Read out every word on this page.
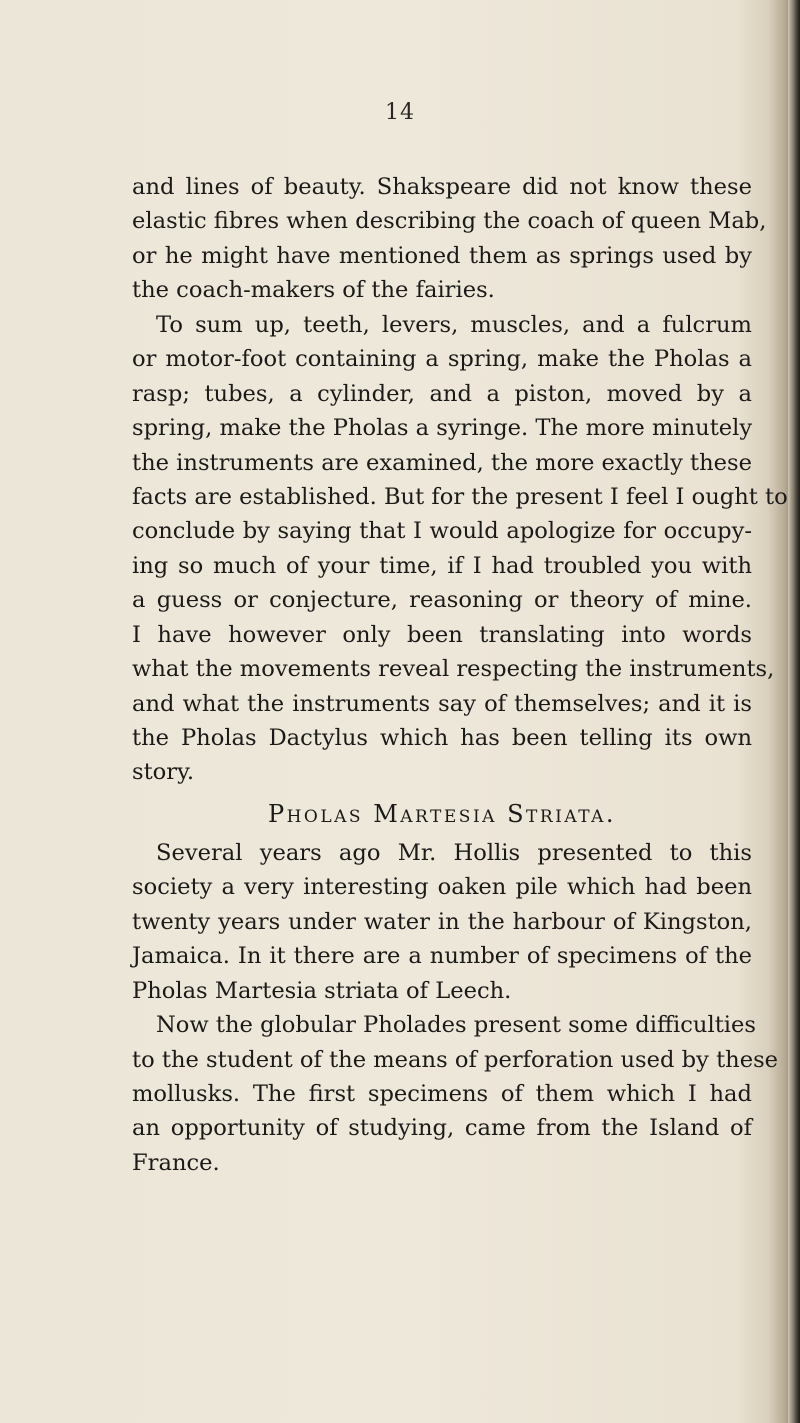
14
and lines of beauty. Shakspeare did not know these
elastic fibres when describing the coach of queen Mab,
or he might have mentioned them as springs used by
the coach-makers of the fairies.
To sum up, teeth, levers, muscles, and a fulcrum
or motor-foot containing a spring, make the Pholas a
rasp; tubes, a cylinder, and a piston, moved by a
spring, make the Pholas a syringe. The more minutely
the instruments are examined, the more exactly these
facts are established. But for the present I feel I ought to
conclude by saying that I would apologize for occupy-
ing so much of your time, if I had troubled you with
a guess or conjecture, reasoning or theory of mine.
I have however only been translating into words
what the movements reveal respecting the instruments,
and what the instruments say of themselves; and it is
the Pholas Dactylus which has been telling its own
story.
Pholas Martesia Striata.
Several years ago Mr. Hollis presented to this
society a very interesting oaken pile which had been
twenty years under water in the harbour of Kingston,
Jamaica. In it there are a number of specimens of the
Pholas Martesia striata of Leech.
Now the globular Pholades present some difficulties
to the student of the means of perforation used by these
mollusks. The first specimens of them which I had
an opportunity of studying, came from the Island of
France.
